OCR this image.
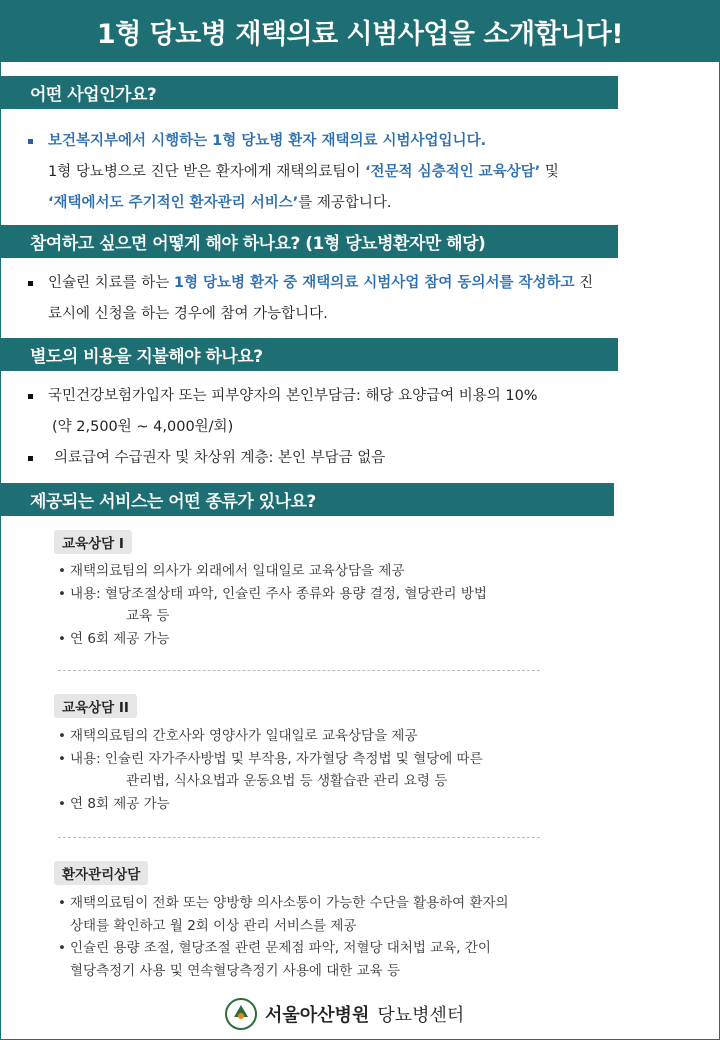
1형 당뇨병 재택의료 시범사업을 소개합니다!
어떤 사업인가요?
보건복지부에서 시행하는 1형 당뇨병 환자 재택의료 시범사업입니다.
1형 당뇨병으로 진단 받은 환자에게 재택의료팀이 ‘전문적 심층적인 교육상담’ 및
‘재택에서도 주기적인 환자관리 서비스’를 제공합니다.
참여하고 싶으면 어떻게 해야 하나요? (1형 당뇨병환자만 해당)
인슐린 치료를 하는 1형 당뇨병 환자 중 재택의료 시범사업 참여 동의서를 작성하고 진
료시에 신청을 하는 경우에 참여 가능합니다.
별도의 비용을 지불해야 하나요?
국민건강보험가입자 또는 피부양자의 본인부담금: 해당 요양급여 비용의 10%
(약 2,500원 ~ 4,000원/회)
의료급여 수급권자 및 차상위 계층: 본인 부담금 없음
제공되는 서비스는 어떤 종류가 있나요?
교육상담 I
• 재택의료팀의 의사가 외래에서 일대일로 교육상담을 제공
• 내용: 혈당조절상태 파악, 인슐린 주사 종류와 용량 결정, 혈당관리 방법
교육 등
• 연 6회 제공 가능
교육상담 II
• 재택의료팀의 간호사와 영양사가 일대일로 교육상담을 제공
• 내용: 인슐린 자가주사방법 및 부작용, 자가혈당 측정법 및 혈당에 따른
관리법, 식사요법과 운동요법 등 생활습관 관리 요령 등
• 연 8회 제공 가능
환자관리상담
• 재택의료팀이 전화 또는 양방향 의사소통이 가능한 수단을 활용하여 환자의
상태를 확인하고 월 2회 이상 관리 서비스를 제공
• 인슐린 용량 조절, 혈당조절 관련 문제점 파악, 저혈당 대처법 교육, 간이
혈당측정기 사용 및 연속혈당측정기 사용에 대한 교육 등
서울아산병원 당뇨병센터
